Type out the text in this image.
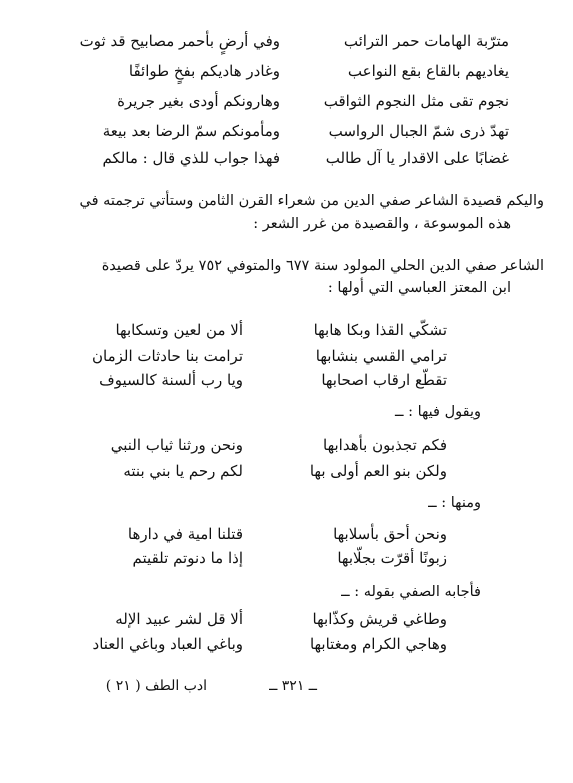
وفي أرضٍ بأحمر مصابيح قد ثوت	مترّبة الهامات حمر الترائب
وغادر هاديكم بفخٍ طوائفًا	يغاديهم بالقاع بقع النواعب
وهارونكم أودى بغير جريرة	نجوم تقى مثل النجوم الثواقب
ومأمونكم سمّ الرضا بعد بيعة	تهدّ ذرى شمّ الجبال الرواسب
فهذا جواب للذي قال : مالكم	غضابًا على الاقدار يا آل طالب
واليكم قصيدة الشاعر صفي الدين من شعراء القرن الثامن وستأتي ترجمته في
هذه الموسوعة ، والقصيدة من غرر الشعر :
الشاعر صفي الدين الحلي المولود سنة ٦٧٧ والمتوفي ٧٥٢ يردّ على قصيدة
ابن المعتز العباسي التي أولها :
ألا من لعين وتسكابها	تشكّي القذا وبكا هابها
ترامت بنا حادثات الزمان	ترامي القسي بنشابها
ويا رب ألسنة كالسيوف	تقطّع ارقاب اصحابها
ويقول فيها : ــ
ونحن ورثنا ثياب النبي	فكم تجذبون بأهدابها
لكم رحم يا بني بنته	ولكن بنو العم أولى بها
ومنها : ــ
قتلنا امية في دارها	ونحن أحق بأسلابها
إذا ما دنوتم تلقيتم	زبونًا أقرّت بجلّابها
فأجابه الصفي بقوله : ــ
ألا قل لشر عبيد الإله	وطاغي قريش وكذّابها
وباغي العباد وباغي العناد	وهاجي الكرام ومغتابها
ــ ٣٢١ ــ
ادب الطف ( ٢١ )
